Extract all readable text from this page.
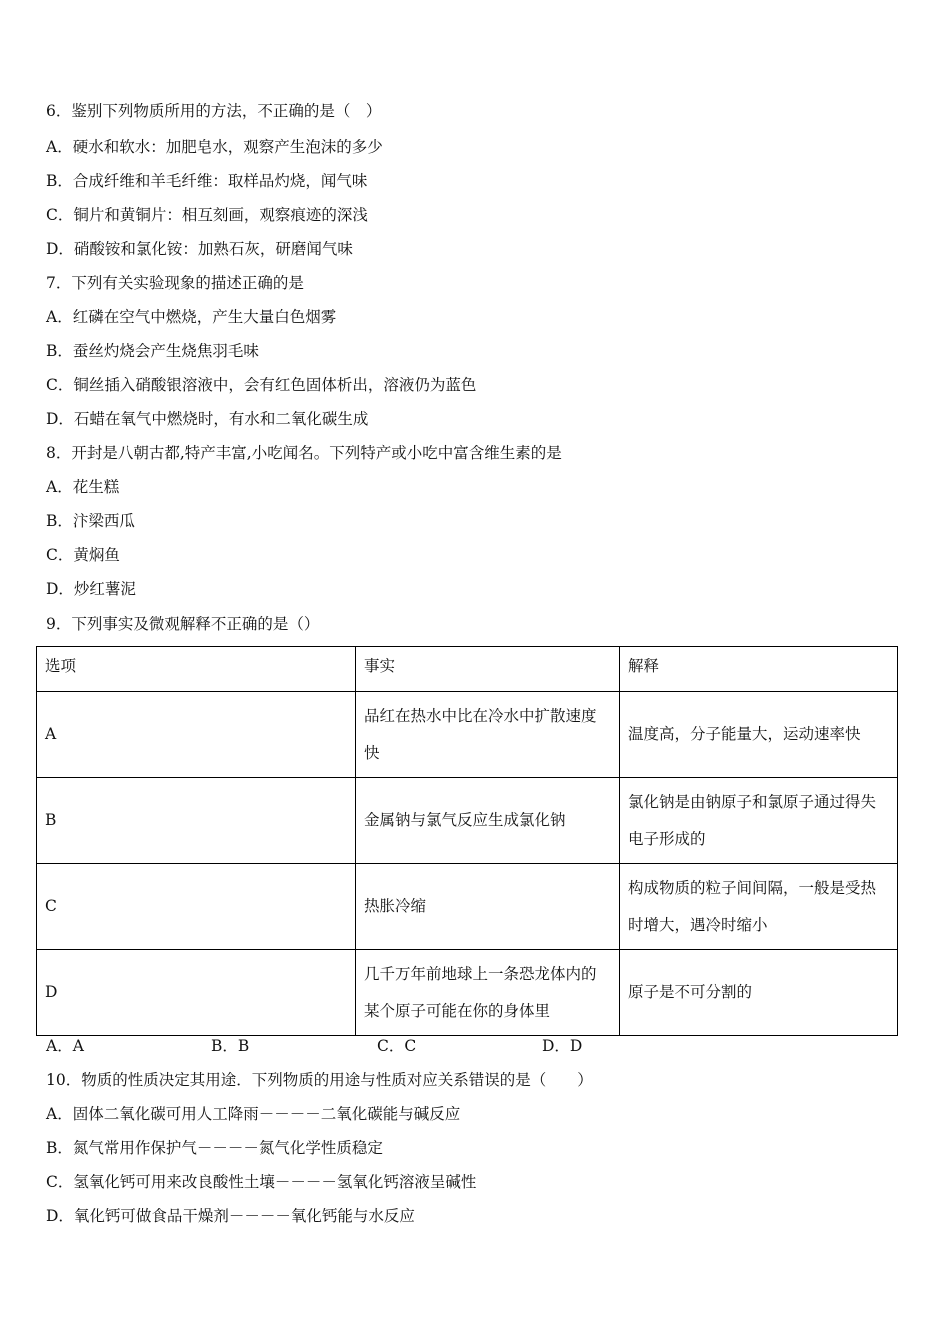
6．鉴别下列物质所用的方法，不正确的是（　）
A．硬水和软水：加肥皂水，观察产生泡沫的多少
B．合成纤维和羊毛纤维：取样品灼烧，闻气味
C．铜片和黄铜片：相互刻画，观察痕迹的深浅
D．硝酸铵和氯化铵：加熟石灰，研磨闻气味
7．下列有关实验现象的描述正确的是
A．红磷在空气中燃烧，产生大量白色烟雾
B．蚕丝灼烧会产生烧焦羽毛味
C．铜丝插入硝酸银溶液中，会有红色固体析出，溶液仍为蓝色
D．石蜡在氧气中燃烧时，有水和二氧化碳生成
8．开封是八朝古都,特产丰富,小吃闻名。下列特产或小吃中富含维生素的是
A．花生糕
B．汴梁西瓜
C．黄焖鱼
D．炒红薯泥
9．下列事实及微观解释不正确的是（）
选项	事实	解释
A	品红在热水中比在冷水中扩散速度快	温度高，分子能量大，运动速率快
B	金属钠与氯气反应生成氯化钠	氯化钠是由钠原子和氯原子通过得失电子形成的
C	热胀冷缩	构成物质的粒子间间隔，一般是受热时增大，遇冷时缩小
D	几千万年前地球上一条恐龙体内的某个原子可能在你的身体里	原子是不可分割的
A．A	B．B	C．C	D．D
10．物质的性质决定其用途．下列物质的用途与性质对应关系错误的是（　　）
A．固体二氧化碳可用人工降雨－－－－二氧化碳能与碱反应
B．氮气常用作保护气－－－－氮气化学性质稳定
C．氢氧化钙可用来改良酸性土壤－－－－氢氧化钙溶液呈碱性
D．氧化钙可做食品干燥剂－－－－氧化钙能与水反应
